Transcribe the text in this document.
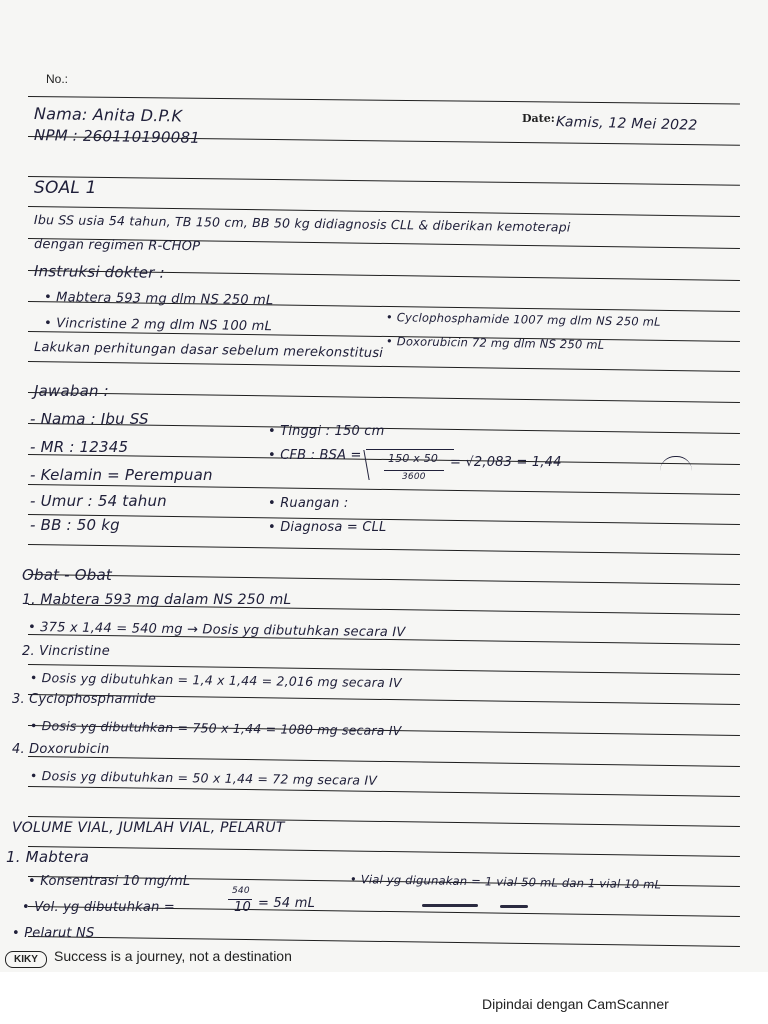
No.:
Date:
Nama: Anita D.P.K
NPM : 260110190081
Kamis, 12 Mei 2022
SOAL 1
Ibu SS usia 54 tahun, TB 150 cm, BB 50 kg didiagnosis CLL & diberikan kemoterapi
dengan regimen R-CHOP
Instruksi dokter :
• Mabtera 593 mg dlm NS 250 mL
• Vincristine 2 mg dlm NS 100 mL	• Cyclophosphamide 1007 mg dlm NS 250 mL
• Doxorubicin 72 mg dlm NS 250 mL
Lakukan perhitungan dasar sebelum merekonstitusi
Jawaban :
- Nama : Ibu SS
• Tinggi : 150 cm
- MR : 12345	• CFB : BSA = 150 x 50
3600
= √2,083 = 1,44
- Kelamin = Perempuan
- Umur : 54 tahun	• Ruangan :
- BB : 50 kg	• Diagnosa = CLL
Obat - Obat
1. Mabtera 593 mg dalam NS 250 mL
• 375 x 1,44 = 540 mg → Dosis yg dibutuhkan secara IV
2. Vincristine
• Dosis yg dibutuhkan = 1,4 x 1,44 = 2,016 mg secara IV
3. Cyclophosphamide
• Dosis yg dibutuhkan = 750 x 1,44 = 1080 mg secara IV
4. Doxorubicin
• Dosis yg dibutuhkan = 50 x 1,44 = 72 mg secara IV
VOLUME VIAL, JUMLAH VIAL, PELARUT
1. Mabtera
• Konsentrasi 10 mg/mL	• Vial yg digunakan = 1 vial 50 mL dan 1 vial 10 mL
• Vol. yg dibutuhkan =
540
10 = 54 mL
• Pelarut NS
KIKY	Success is a journey, not a destination
Dipindai dengan CamScanner
